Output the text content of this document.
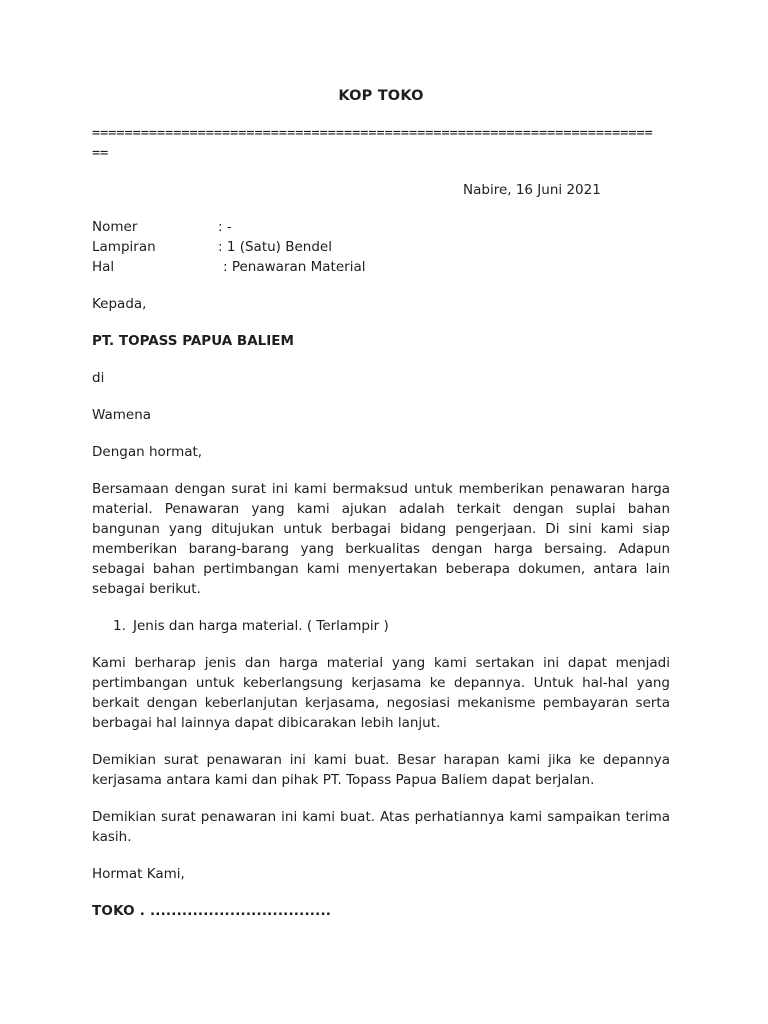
KOP TOKO
=====================================================================
==
Nabire, 16 Juni 2021
Nomer	: -
Lampiran	: 1 (Satu) Bendel
Hal	: Penawaran Material
Kepada,
PT. TOPASS PAPUA BALIEM
di
Wamena
Dengan hormat,
Bersamaan dengan surat ini kami bermaksud untuk memberikan penawaran harga material. Penawaran yang kami ajukan adalah terkait dengan suplai bahan bangunan yang ditujukan untuk berbagai bidang pengerjaan. Di sini kami siap memberikan barang-barang yang berkualitas dengan harga bersaing. Adapun sebagai bahan pertimbangan kami menyertakan beberapa dokumen, antara lain sebagai berikut.
1. Jenis dan harga material. ( Terlampir )
Kami berharap jenis dan harga material yang kami sertakan ini dapat menjadi pertimbangan untuk keberlangsung kerjasama ke depannya. Untuk hal-hal yang berkait dengan keberlanjutan kerjasama, negosiasi mekanisme pembayaran serta berbagai hal lainnya dapat dibicarakan lebih lanjut.
Demikian surat penawaran ini kami buat. Besar harapan kami jika ke depannya kerjasama antara kami dan pihak PT. Topass Papua Baliem dapat berjalan.
Demikian surat penawaran ini kami buat. Atas perhatiannya kami sampaikan terima kasih.
Hormat Kami,
TOKO . ..................................
